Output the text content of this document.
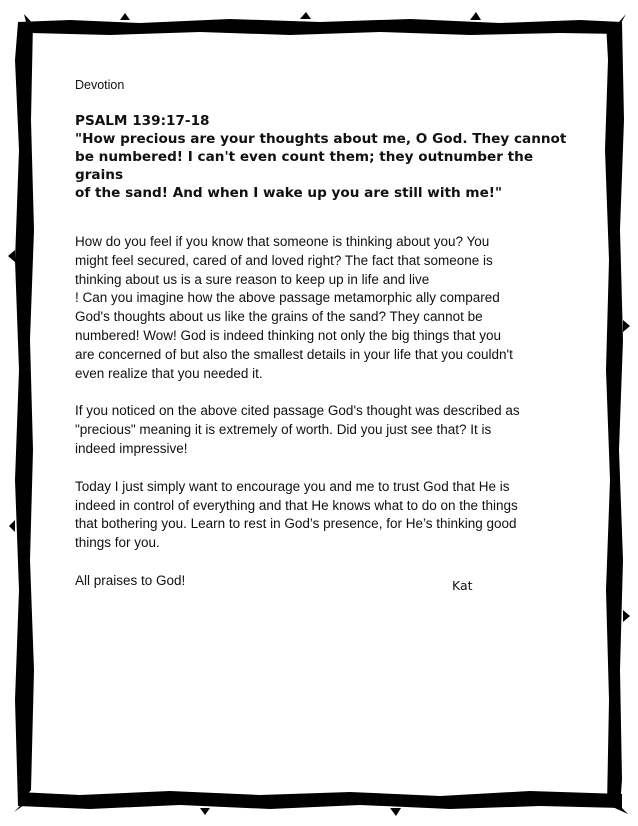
Devotion

PSALM 139:17-18

"How precious are your thoughts about me, O God. They cannot

be numbered! I can't even count them; they outnumber the grains

of the sand! And when I wake up you are still with me!"

How do you feel if you know that someone is thinking about you? You
might feel secured, cared of and loved right? The fact that someone is
thinking about us is a sure reason to keep up in life and live
! Can you imagine how the above passage metamorphic ally compared
God's thoughts about us like the grains of the sand? They cannot be
numbered! Wow! God is indeed thinking not only the big things that you
are concerned of but also the smallest details in your life that you couldn't
even realize that you needed it.

If you noticed on the above cited passage God's thought was described as
"precious" meaning it is extremely of worth. Did you just see that? It is
indeed impressive!

Today I just simply want to encourage you and me to trust God that He is
indeed in control of everything and that He knows what to do on the things
that bothering you. Learn to rest in God’s presence, for He’s thinking good
things for you.

All praises to God!	Kat
